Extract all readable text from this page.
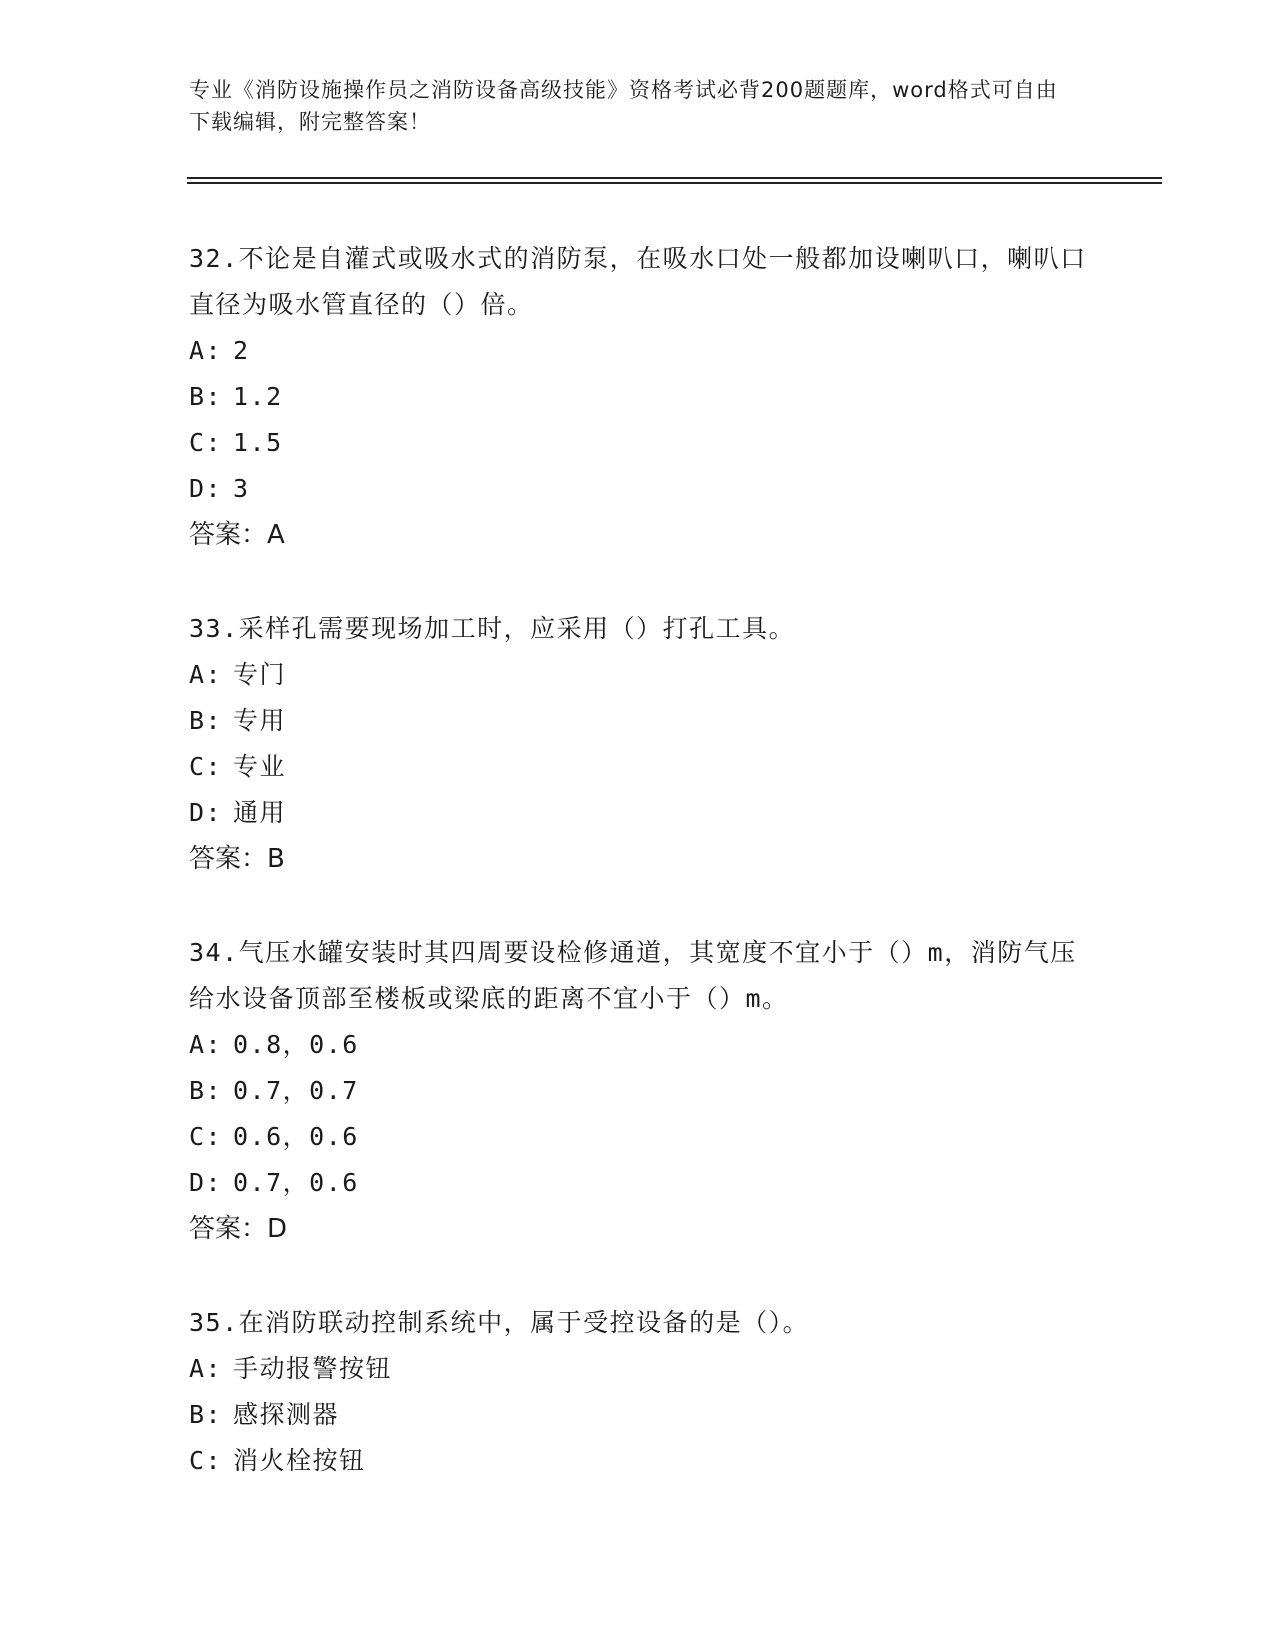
专业《消防设施操作员之消防设备高级技能》资格考试必背200题题库，word格式可自由下载编辑，附完整答案！

32.不论是自灌式或吸水式的消防泵，在吸水口处一般都加设喇叭口，喇叭口直径为吸水管直径的（）倍。

A: 2

B: 1.2

C: 1.5

D: 3

答案：A

33.采样孔需要现场加工时，应采用（）打孔工具。

A: 专门

B: 专用

C: 专业

D: 通用

答案：B

34.气压水罐安装时其四周要设检修通道，其宽度不宜小于（）m，消防气压给水设备顶部至楼板或梁底的距离不宜小于（）m。

A: 0.8，0.6

B: 0.7，0.7

C: 0.6，0.6

D: 0.7，0.6

答案：D

35.在消防联动控制系统中，属于受控设备的是（）。

A: 手动报警按钮

B: 感探测器

C: 消火栓按钮
